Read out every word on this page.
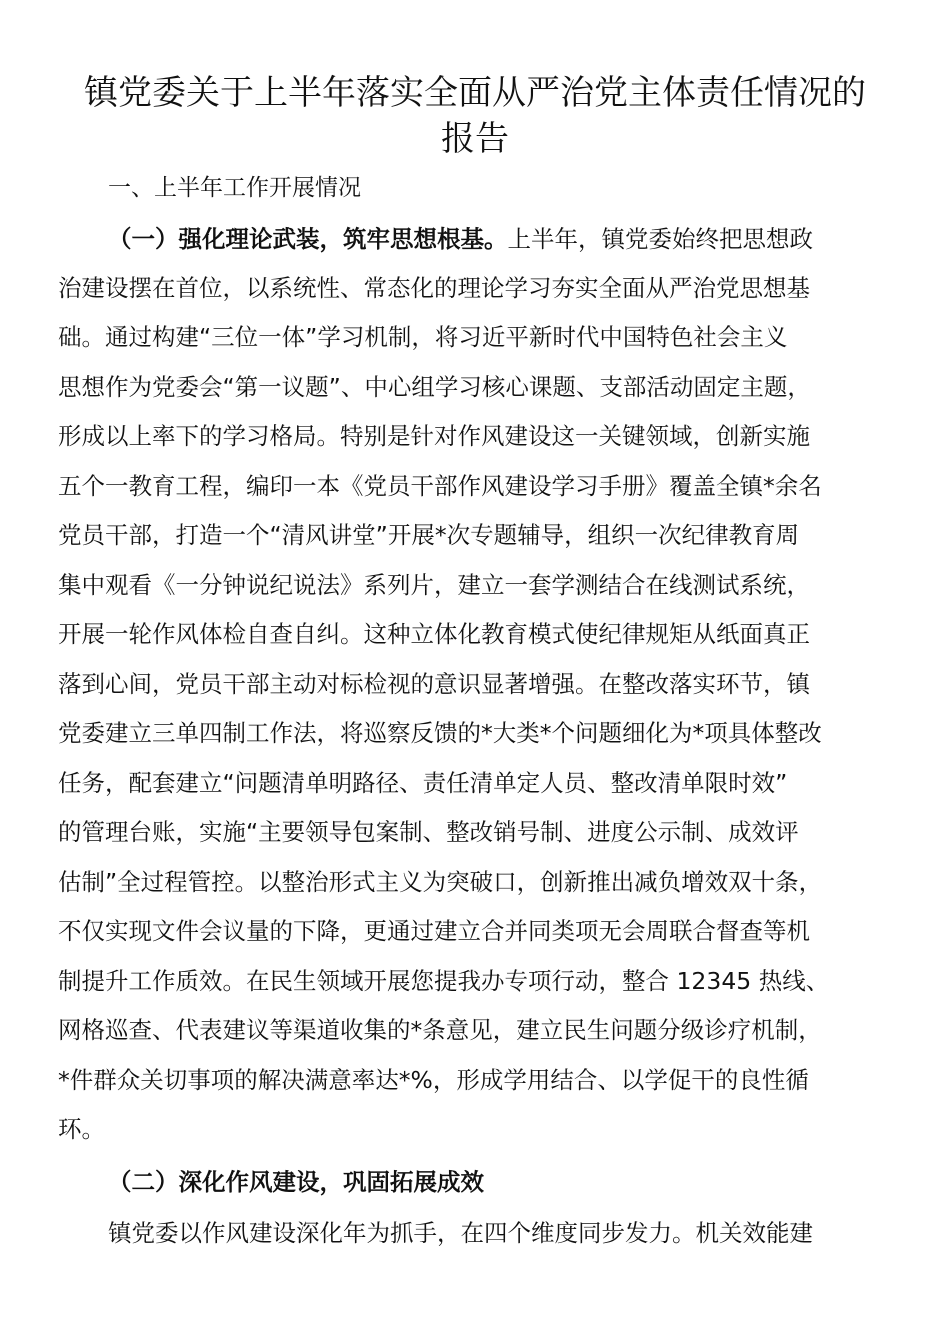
镇党委关于上半年落实全面从严治党主体责任情况的
报告

一、上半年工作开展情况

（一）强化理论武装，筑牢思想根基。上半年，镇党委始终把思想政

治建设摆在首位，以系统性、常态化的理论学习夯实全面从严治党思想基

础。通过构建“三位一体”学习机制，将习近平新时代中国特色社会主义

思想作为党委会“第一议题”、中心组学习核心课题、支部活动固定主题，

形成以上率下的学习格局。特别是针对作风建设这一关键领域，创新实施

五个一教育工程，编印一本《党员干部作风建设学习手册》覆盖全镇*余名

党员干部，打造一个“清风讲堂”开展*次专题辅导，组织一次纪律教育周

集中观看《一分钟说纪说法》系列片，建立一套学测结合在线测试系统，

开展一轮作风体检自查自纠。这种立体化教育模式使纪律规矩从纸面真正

落到心间，党员干部主动对标检视的意识显著增强。在整改落实环节，镇

党委建立三单四制工作法，将巡察反馈的*大类*个问题细化为*项具体整改

任务，配套建立“问题清单明路径、责任清单定人员、整改清单限时效”

的管理台账，实施“主要领导包案制、整改销号制、进度公示制、成效评

估制”全过程管控。以整治形式主义为突破口，创新推出减负增效双十条，

不仅实现文件会议量的下降，更通过建立合并同类项无会周联合督查等机

制提升工作质效。在民生领域开展您提我办专项行动，整合 12345 热线、

网格巡查、代表建议等渠道收集的*条意见，建立民生问题分级诊疗机制，

*件群众关切事项的解决满意率达*%，形成学用结合、以学促干的良性循

环。

（二）深化作风建设，巩固拓展成效

镇党委以作风建设深化年为抓手，在四个维度同步发力。机关效能建
